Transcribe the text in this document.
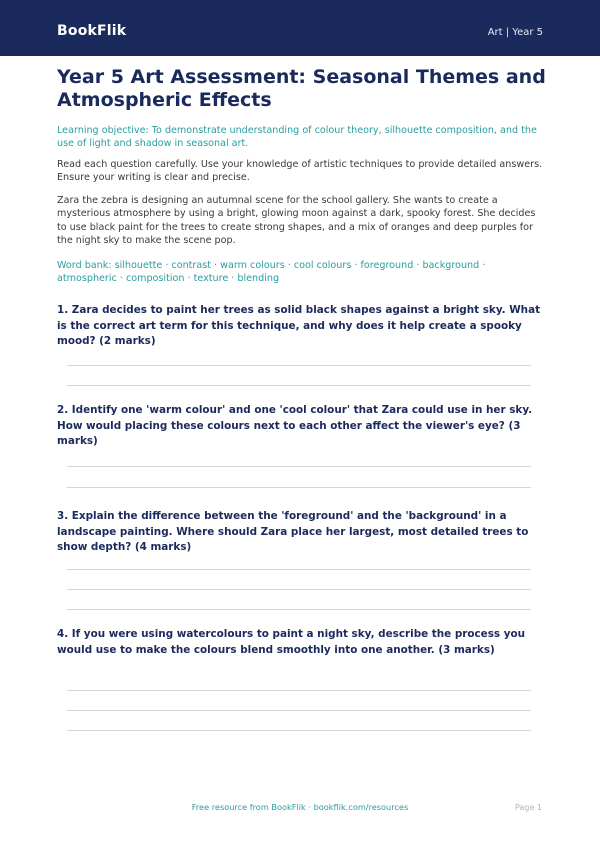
BookFlik	Art | Year 5
Year 5 Art Assessment: Seasonal Themes and Atmospheric Effects

Learning objective: To demonstrate understanding of colour theory, silhouette composition, and the use of light and shadow in seasonal art.

Read each question carefully. Use your knowledge of artistic techniques to provide detailed answers. Ensure your writing is clear and precise.

Zara the zebra is designing an autumnal scene for the school gallery. She wants to create a mysterious atmosphere by using a bright, glowing moon against a dark, spooky forest. She decides to use black paint for the trees to create strong shapes, and a mix of oranges and deep purples for the night sky to make the scene pop.

Word bank: silhouette · contrast · warm colours · cool colours · foreground · background · atmospheric · composition · texture · blending

1. Zara decides to paint her trees as solid black shapes against a bright sky. What is the correct art term for this technique, and why does it help create a spooky mood? (2 marks)

2. Identify one 'warm colour' and one 'cool colour' that Zara could use in her sky. How would placing these colours next to each other affect the viewer's eye? (3 marks)

3. Explain the difference between the 'foreground' and the 'background' in a landscape painting. Where should Zara place her largest, most detailed trees to show depth? (4 marks)

4. If you were using watercolours to paint a night sky, describe the process you would use to make the colours blend smoothly into one another. (3 marks)

Free resource from BookFlik · bookflik.com/resources	Page 1
